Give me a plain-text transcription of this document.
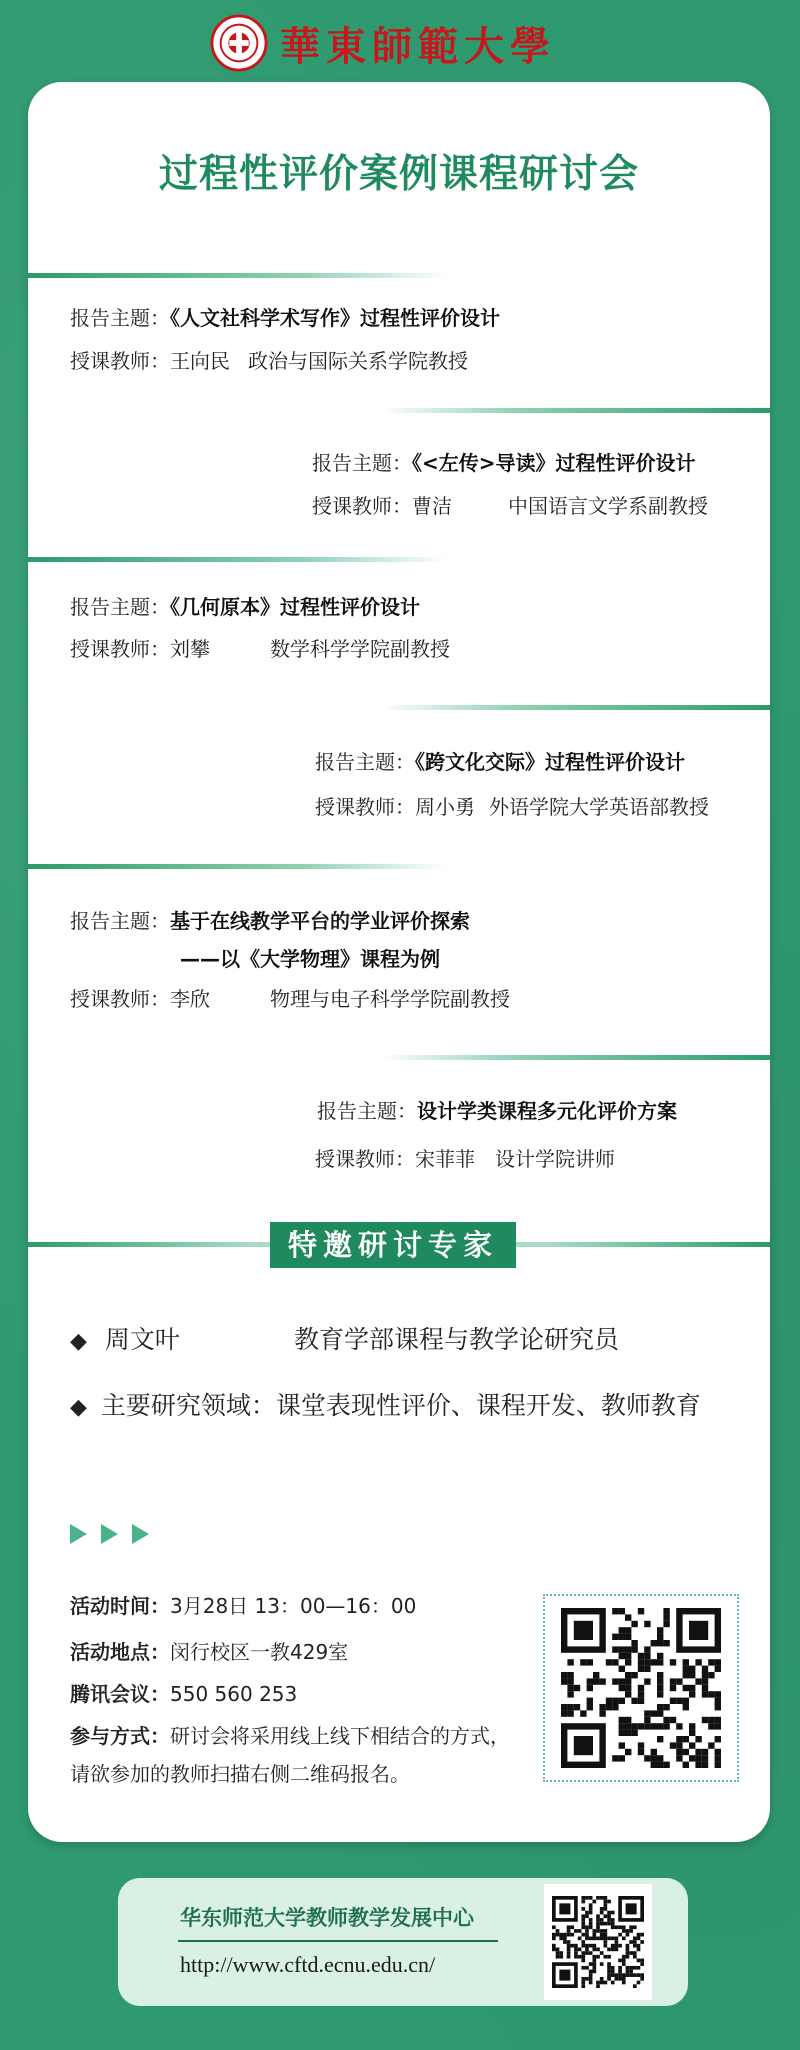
華東師範大學
过程性评价案例课程研讨会
报告主题：《人文社科学术写作》过程性评价设计
授课教师：王向民 政治与国际关系学院教授
报告主题：《<左传>导读》过程性评价设计
授课教师：曹洁	中国语言文学系副教授
报告主题：《几何原本》过程性评价设计
授课教师：刘攀	数学科学学院副教授
报告主题：《跨文化交际》过程性评价设计
授课教师：周小勇 外语学院大学英语部教授
报告主题：基于在线教学平台的学业评价探索
——以《大学物理》课程为例
授课教师：李欣	物理与电子科学学院副教授
报告主题：设计学类课程多元化评价方案
授课教师：宋菲菲 设计学院讲师
特邀研讨专家
◆ 周文叶	教育学部课程与教学论研究员
◆ 主要研究领域：课堂表现性评价、课程开发、教师教育
活动时间：3月28日 13：00—16：00
活动地点：闵行校区一教429室
腾讯会议：550 560 253
参与方式：研讨会将采用线上线下相结合的方式，
请欲参加的教师扫描右侧二维码报名。
华东师范大学教师教学发展中心
http://www.cftd.ecnu.edu.cn/
